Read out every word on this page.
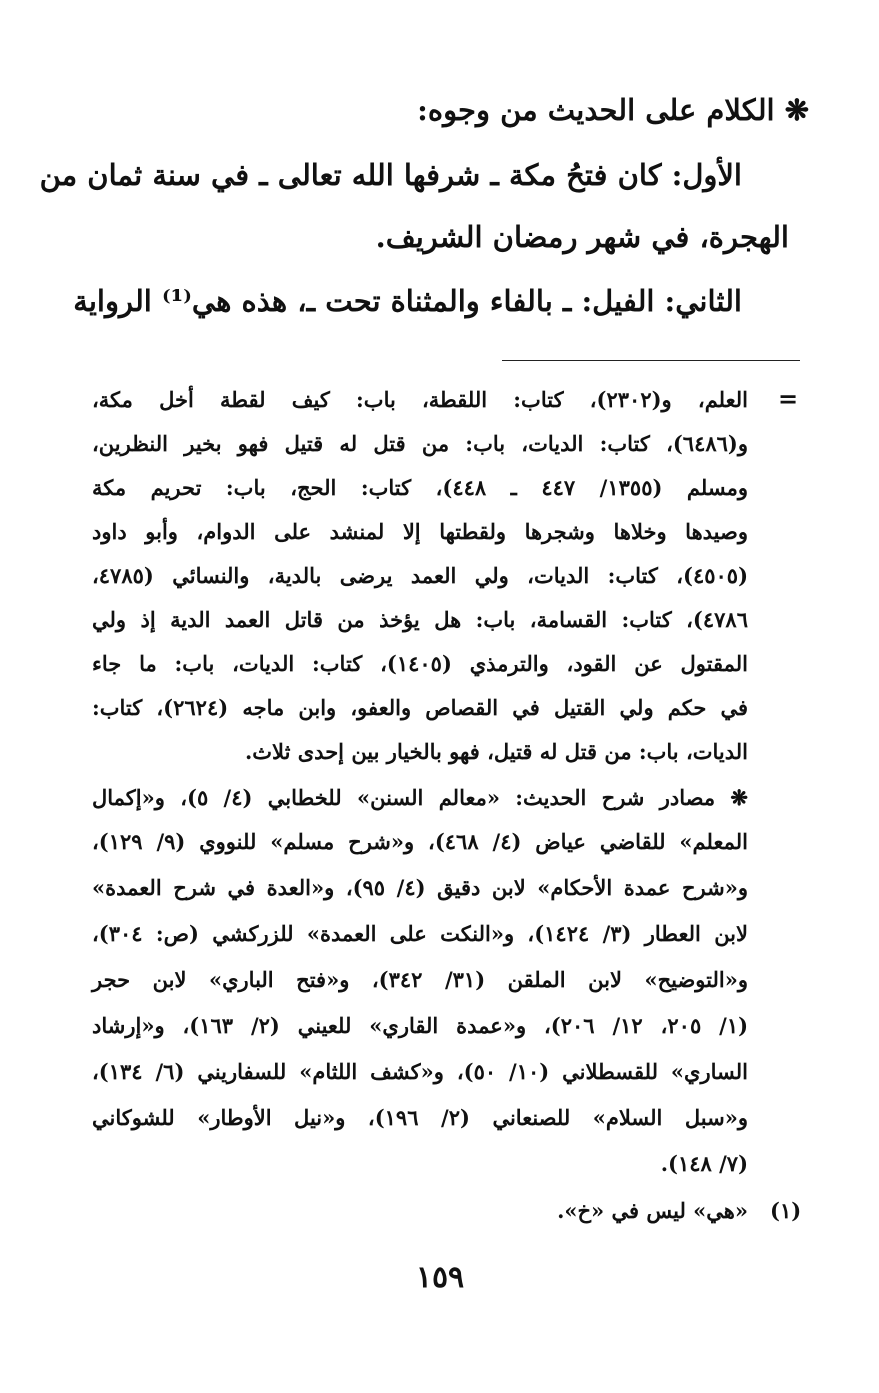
❋ الكلام على الحديث من وجوه:
الأول: كان فتحُ مكة ـ شرفها الله تعالى ـ في سنة ثمان من
الهجرة، في شهر رمضان الشريف.
الثاني: الفيل: ـ بالفاء والمثناة تحت ـ، هذه هي⁽¹⁾ الرواية
=
العلم، و(٢٣٠٢)، كتاب: اللقطة، باب: كيف لقطة أخل مكة،
و(٦٤٨٦)، كتاب: الديات، باب: من قتل له قتيل فهو بخير النظرين،
ومسلم (١٣٥٥/ ٤٤٧ ـ ٤٤٨)، كتاب: الحج، باب: تحريم مكة
وصيدها وخلاها وشجرها ولقطتها إلا لمنشد على الدوام، وأبو داود
(٤٥٠٥)، كتاب: الديات، ولي العمد يرضى بالدية، والنسائي (٤٧٨٥،
٤٧٨٦)، كتاب: القسامة، باب: هل يؤخذ من قاتل العمد الدية إذ ولي
المقتول عن القود، والترمذي (١٤٠٥)، كتاب: الديات، باب: ما جاء
في حكم ولي القتيل في القصاص والعفو، وابن ماجه (٢٦٢٤)، كتاب:
الديات، باب: من قتل له قتيل، فهو بالخيار بين إحدى ثلاث.
❋ مصادر شرح الحديث: «معالم السنن» للخطابي (٤/ ٥)، و«إكمال
المعلم» للقاضي عياض (٤/ ٤٦٨)، و«شرح مسلم» للنووي (٩/ ١٢٩)،
و«شرح عمدة الأحكام» لابن دقيق (٤/ ٩٥)، و«العدة في شرح العمدة»
لابن العطار (٣/ ١٤٢٤)، و«النكت على العمدة» للزركشي (ص: ٣٠٤)،
و«التوضيح» لابن الملقن (٣١/ ٣٤٢)، و«فتح الباري» لابن حجر
(١/ ٢٠٥، ١٢/ ٢٠٦)، و«عمدة القاري» للعيني (٢/ ١٦٣)، و«إرشاد
الساري» للقسطلاني (١٠/ ٥٠)، و«كشف اللثام» للسفاريني (٦/ ١٣٤)،
و«سبل السلام» للصنعاني (٢/ ١٩٦)، و«نيل الأوطار» للشوكاني
(٧/ ١٤٨).
(١)
«هي» ليس في «خ».
١٥٩
